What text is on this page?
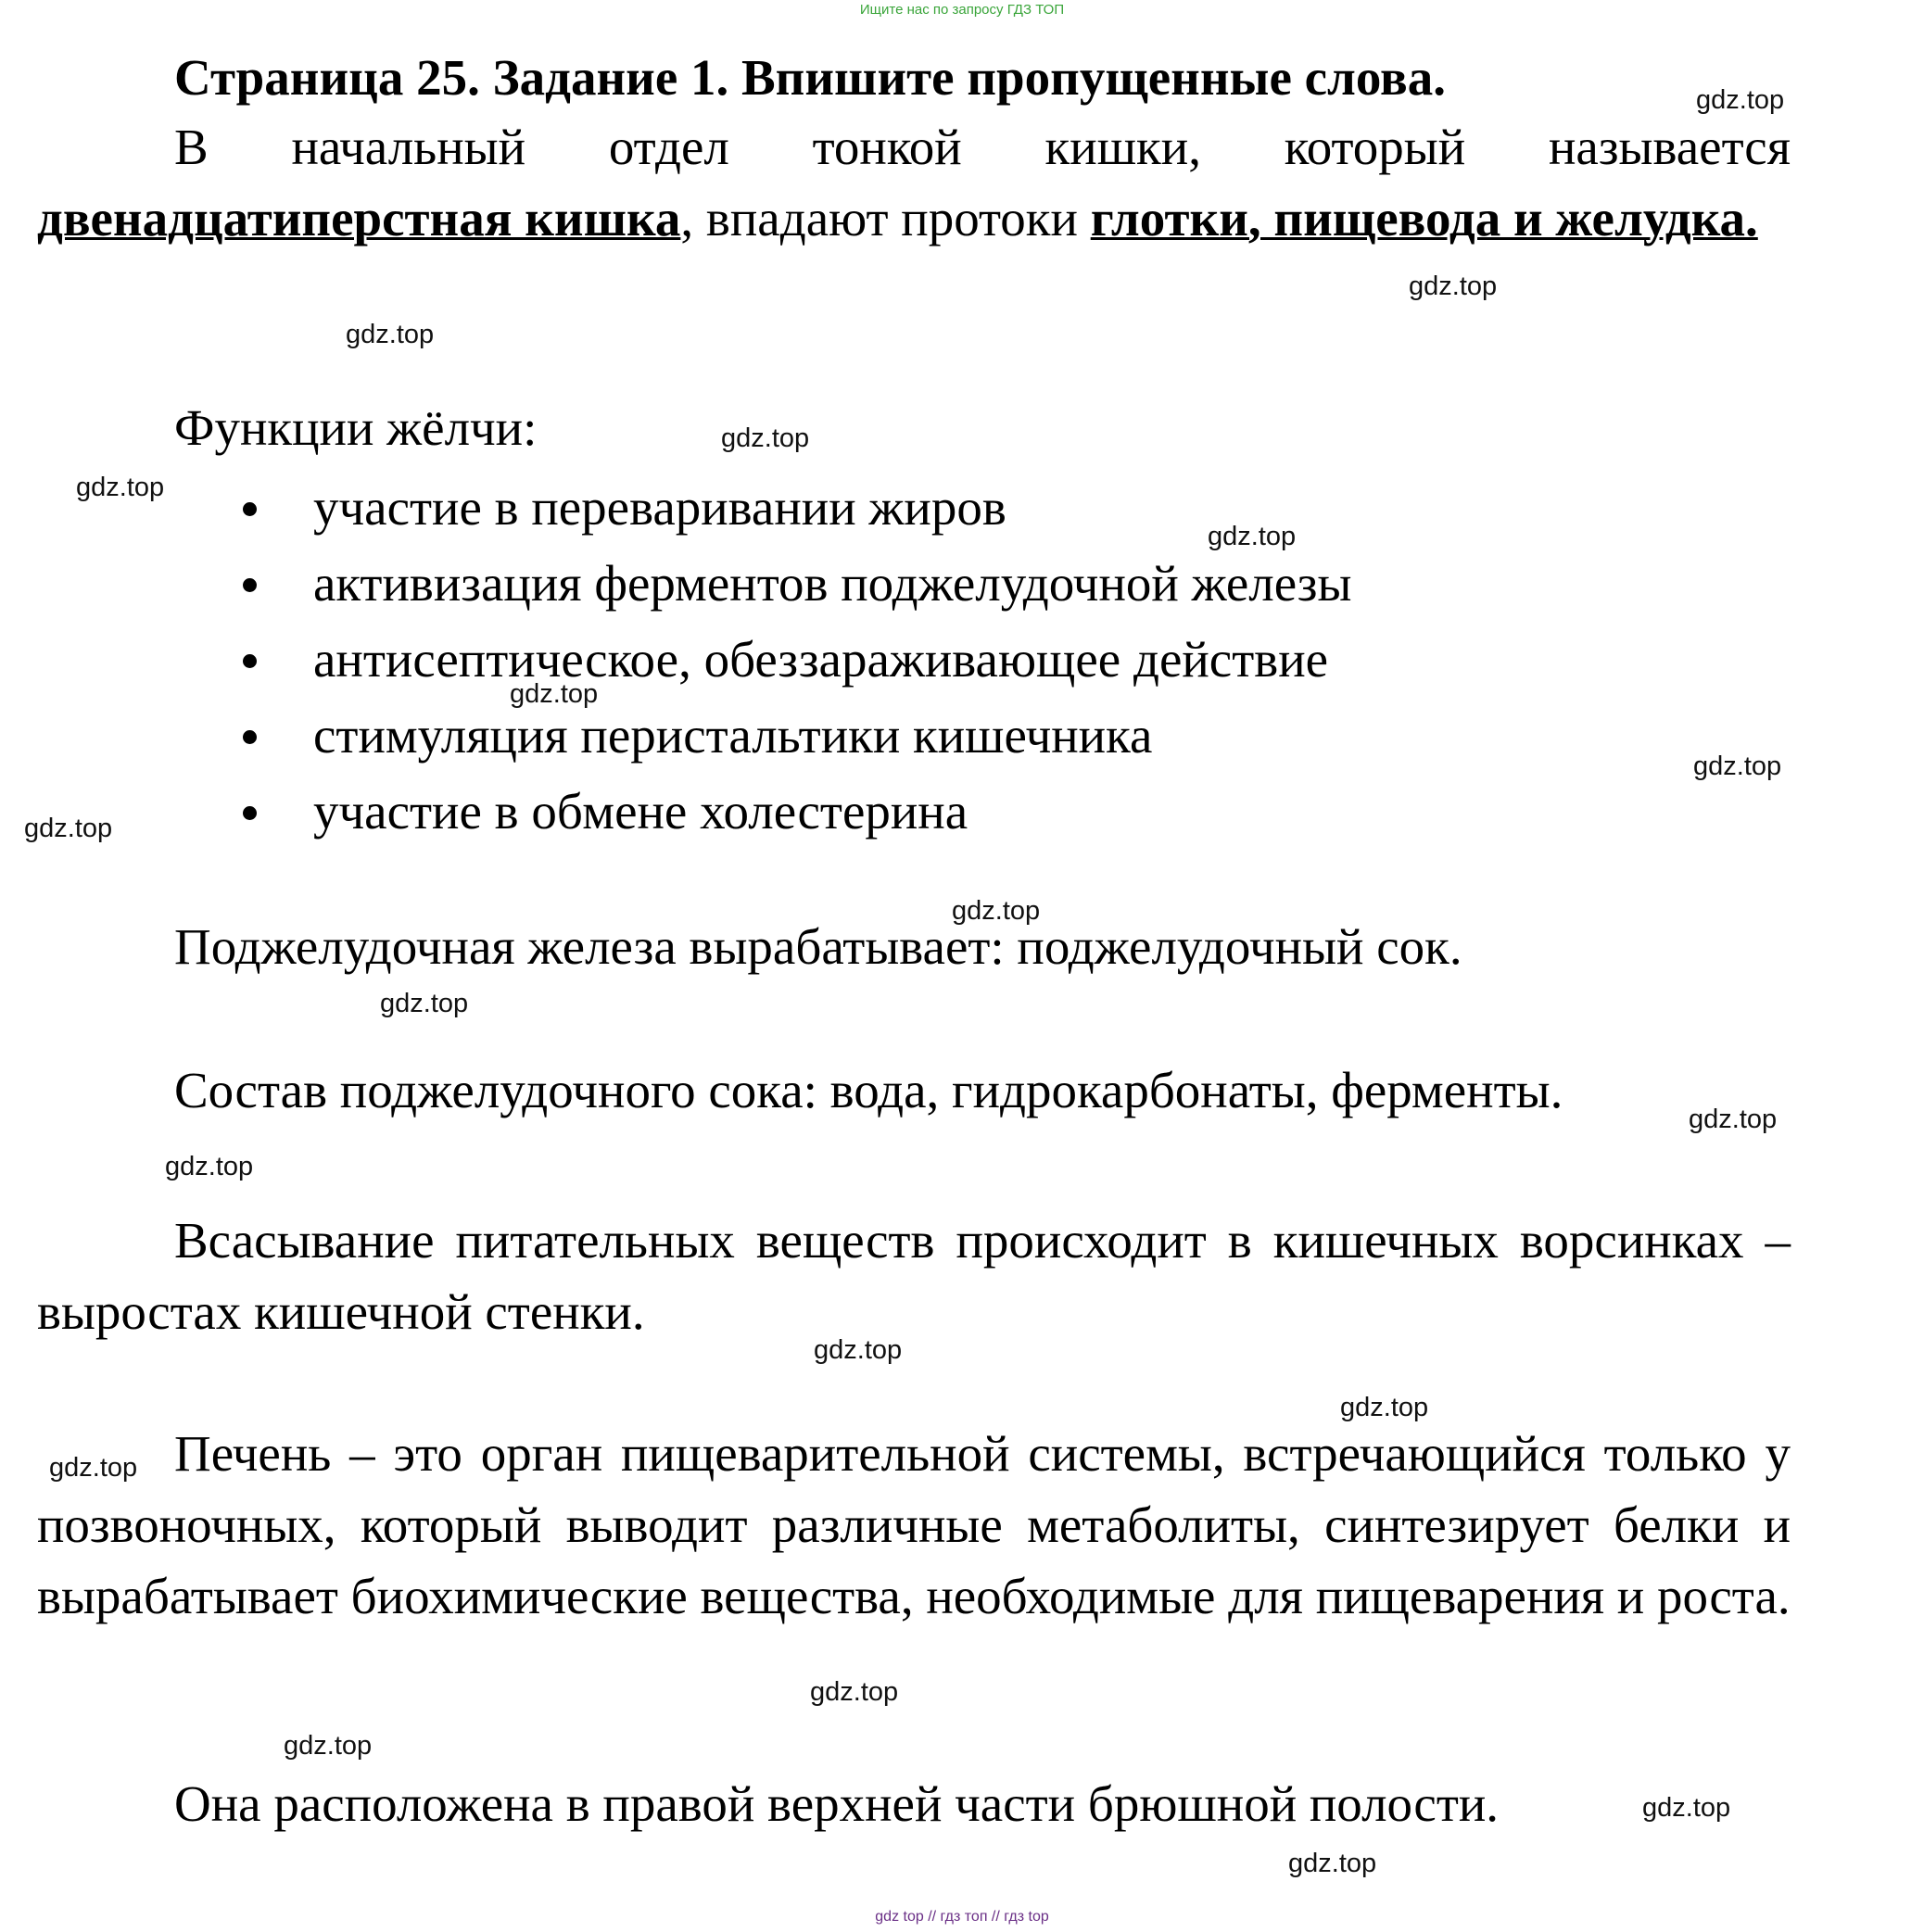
Ищите нас по запросу ГДЗ ТОП
Страница 25. Задание 1. Впишите пропущенные слова.
В начальный отдел тонкой кишки, который называется двенадцатиперстная кишка, впадают протоки глотки, пищевода и желудка.
Функции жёлчи:
участие в переваривании жиров
активизация ферментов поджелудочной железы
антисептическое, обеззараживающее действие
стимуляция перистальтики кишечника
участие в обмене холестерина
Поджелудочная железа вырабатывает: поджелудочный сок.
Состав поджелудочного сока: вода, гидрокарбонаты, ферменты.
Всасывание питательных веществ происходит в кишечных ворсинках – выростах кишечной стенки.
Печень – это орган пищеварительной системы, встречающийся только у позвоночных, который выводит различные метаболиты, синтезирует белки и вырабатывает биохимические вещества, необходимые для пищеварения и роста.
Она расположена в правой верхней части брюшной полости.
gdz.top
gdz.top
gdz.top
gdz.top
gdz.top
gdz.top
gdz.top
gdz.top
gdz.top
gdz.top
gdz.top
gdz.top
gdz.top
gdz.top
gdz.top
gdz.top
gdz.top
gdz.top
gdz.top
gdz.top
gdz top // гдз топ // гдз top
